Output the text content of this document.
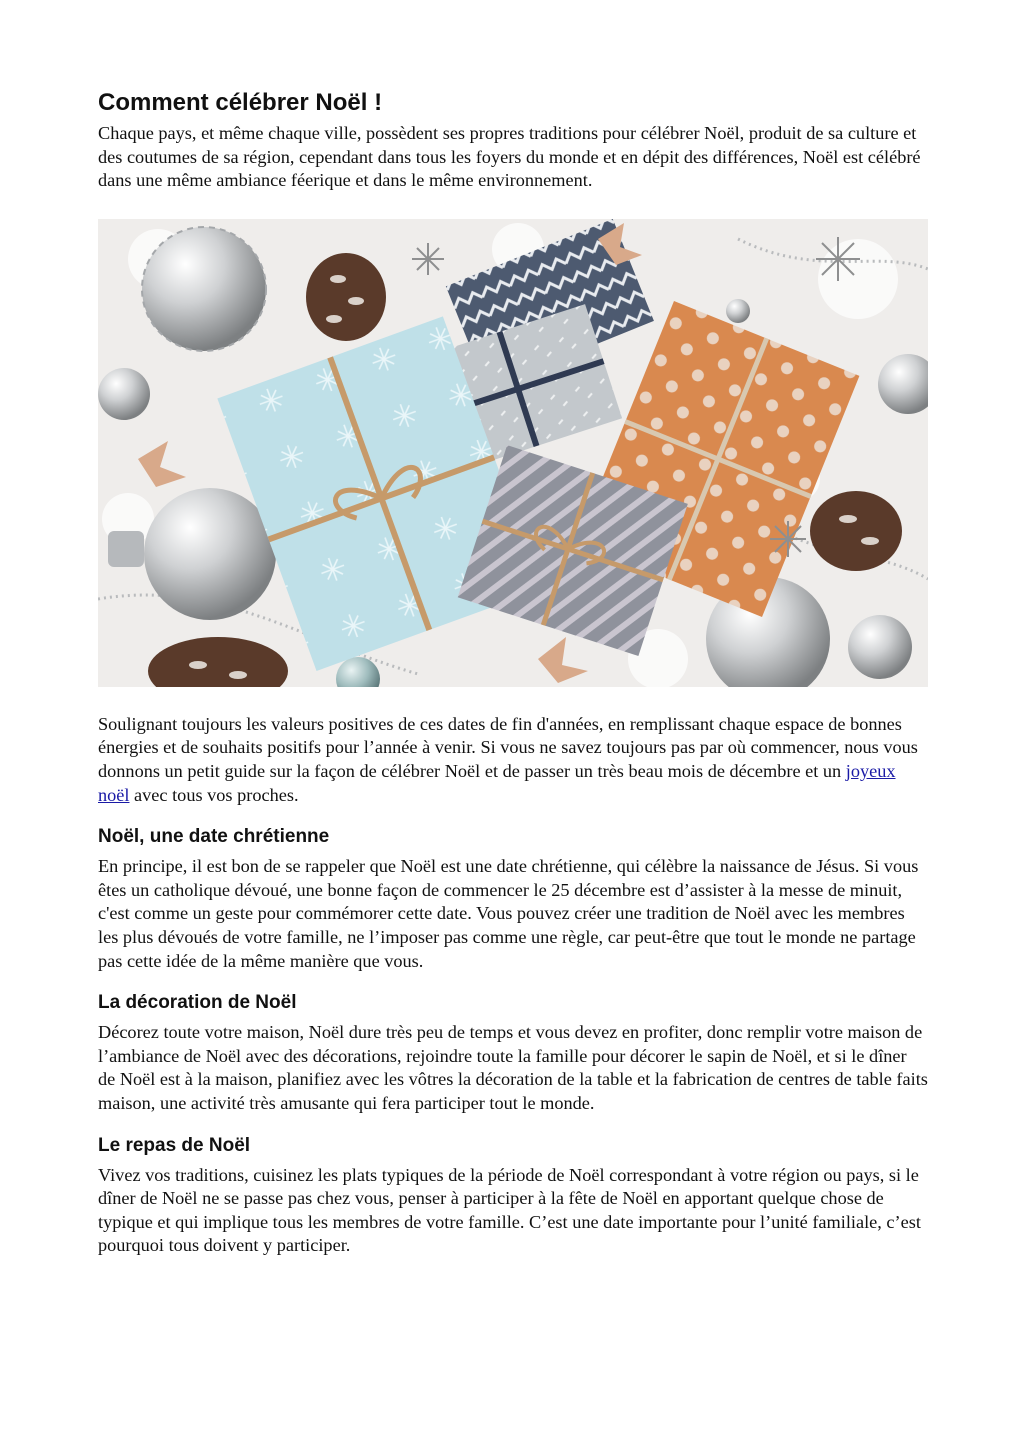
Comment célébrer Noël !

Chaque pays, et même chaque ville, possèdent ses propres traditions pour célébrer Noël, produit de sa culture et des coutumes de sa région, cependant dans tous les foyers du monde et en dépit des différences, Noël est célébré dans une même ambiance féerique et dans le même environnement.

Soulignant toujours les valeurs positives de ces dates de fin d'années, en remplissant chaque espace de bonnes énergies et de souhaits positifs pour l’année à venir. Si vous ne savez toujours pas par où commencer, nous vous donnons un petit guide sur la façon de célébrer Noël et de passer un très beau mois de décembre et un joyeux noël avec tous vos proches.

Noël, une date chrétienne

En principe, il est bon de se rappeler que Noël est une date chrétienne, qui célèbre la naissance de Jésus. Si vous êtes un catholique dévoué, une bonne façon de commencer le 25 décembre est d’assister à la messe de minuit, c'est comme un geste pour commémorer cette date. Vous pouvez créer une tradition de Noël avec les membres les plus dévoués de votre famille, ne l’imposer pas comme une règle, car peut-être que tout le monde ne partage pas cette idée de la même manière que vous.

La décoration de Noël

Décorez toute votre maison, Noël dure très peu de temps et vous devez en profiter, donc remplir votre maison de l’ambiance de Noël avec des décorations, rejoindre toute la famille pour décorer le sapin de Noël, et si le dîner de Noël est à la maison, planifiez avec les vôtres la décoration de la table et la fabrication de centres de table faits maison, une activité très amusante qui fera participer tout le monde.

Le repas de Noël

Vivez vos traditions, cuisinez les plats typiques de la période de Noël correspondant à votre région ou pays, si le dîner de Noël ne se passe pas chez vous, penser à participer à la fête de Noël en apportant quelque chose de typique et qui implique tous les membres de votre famille. C’est une date importante pour l’unité familiale, c’est pourquoi tous doivent y participer.
